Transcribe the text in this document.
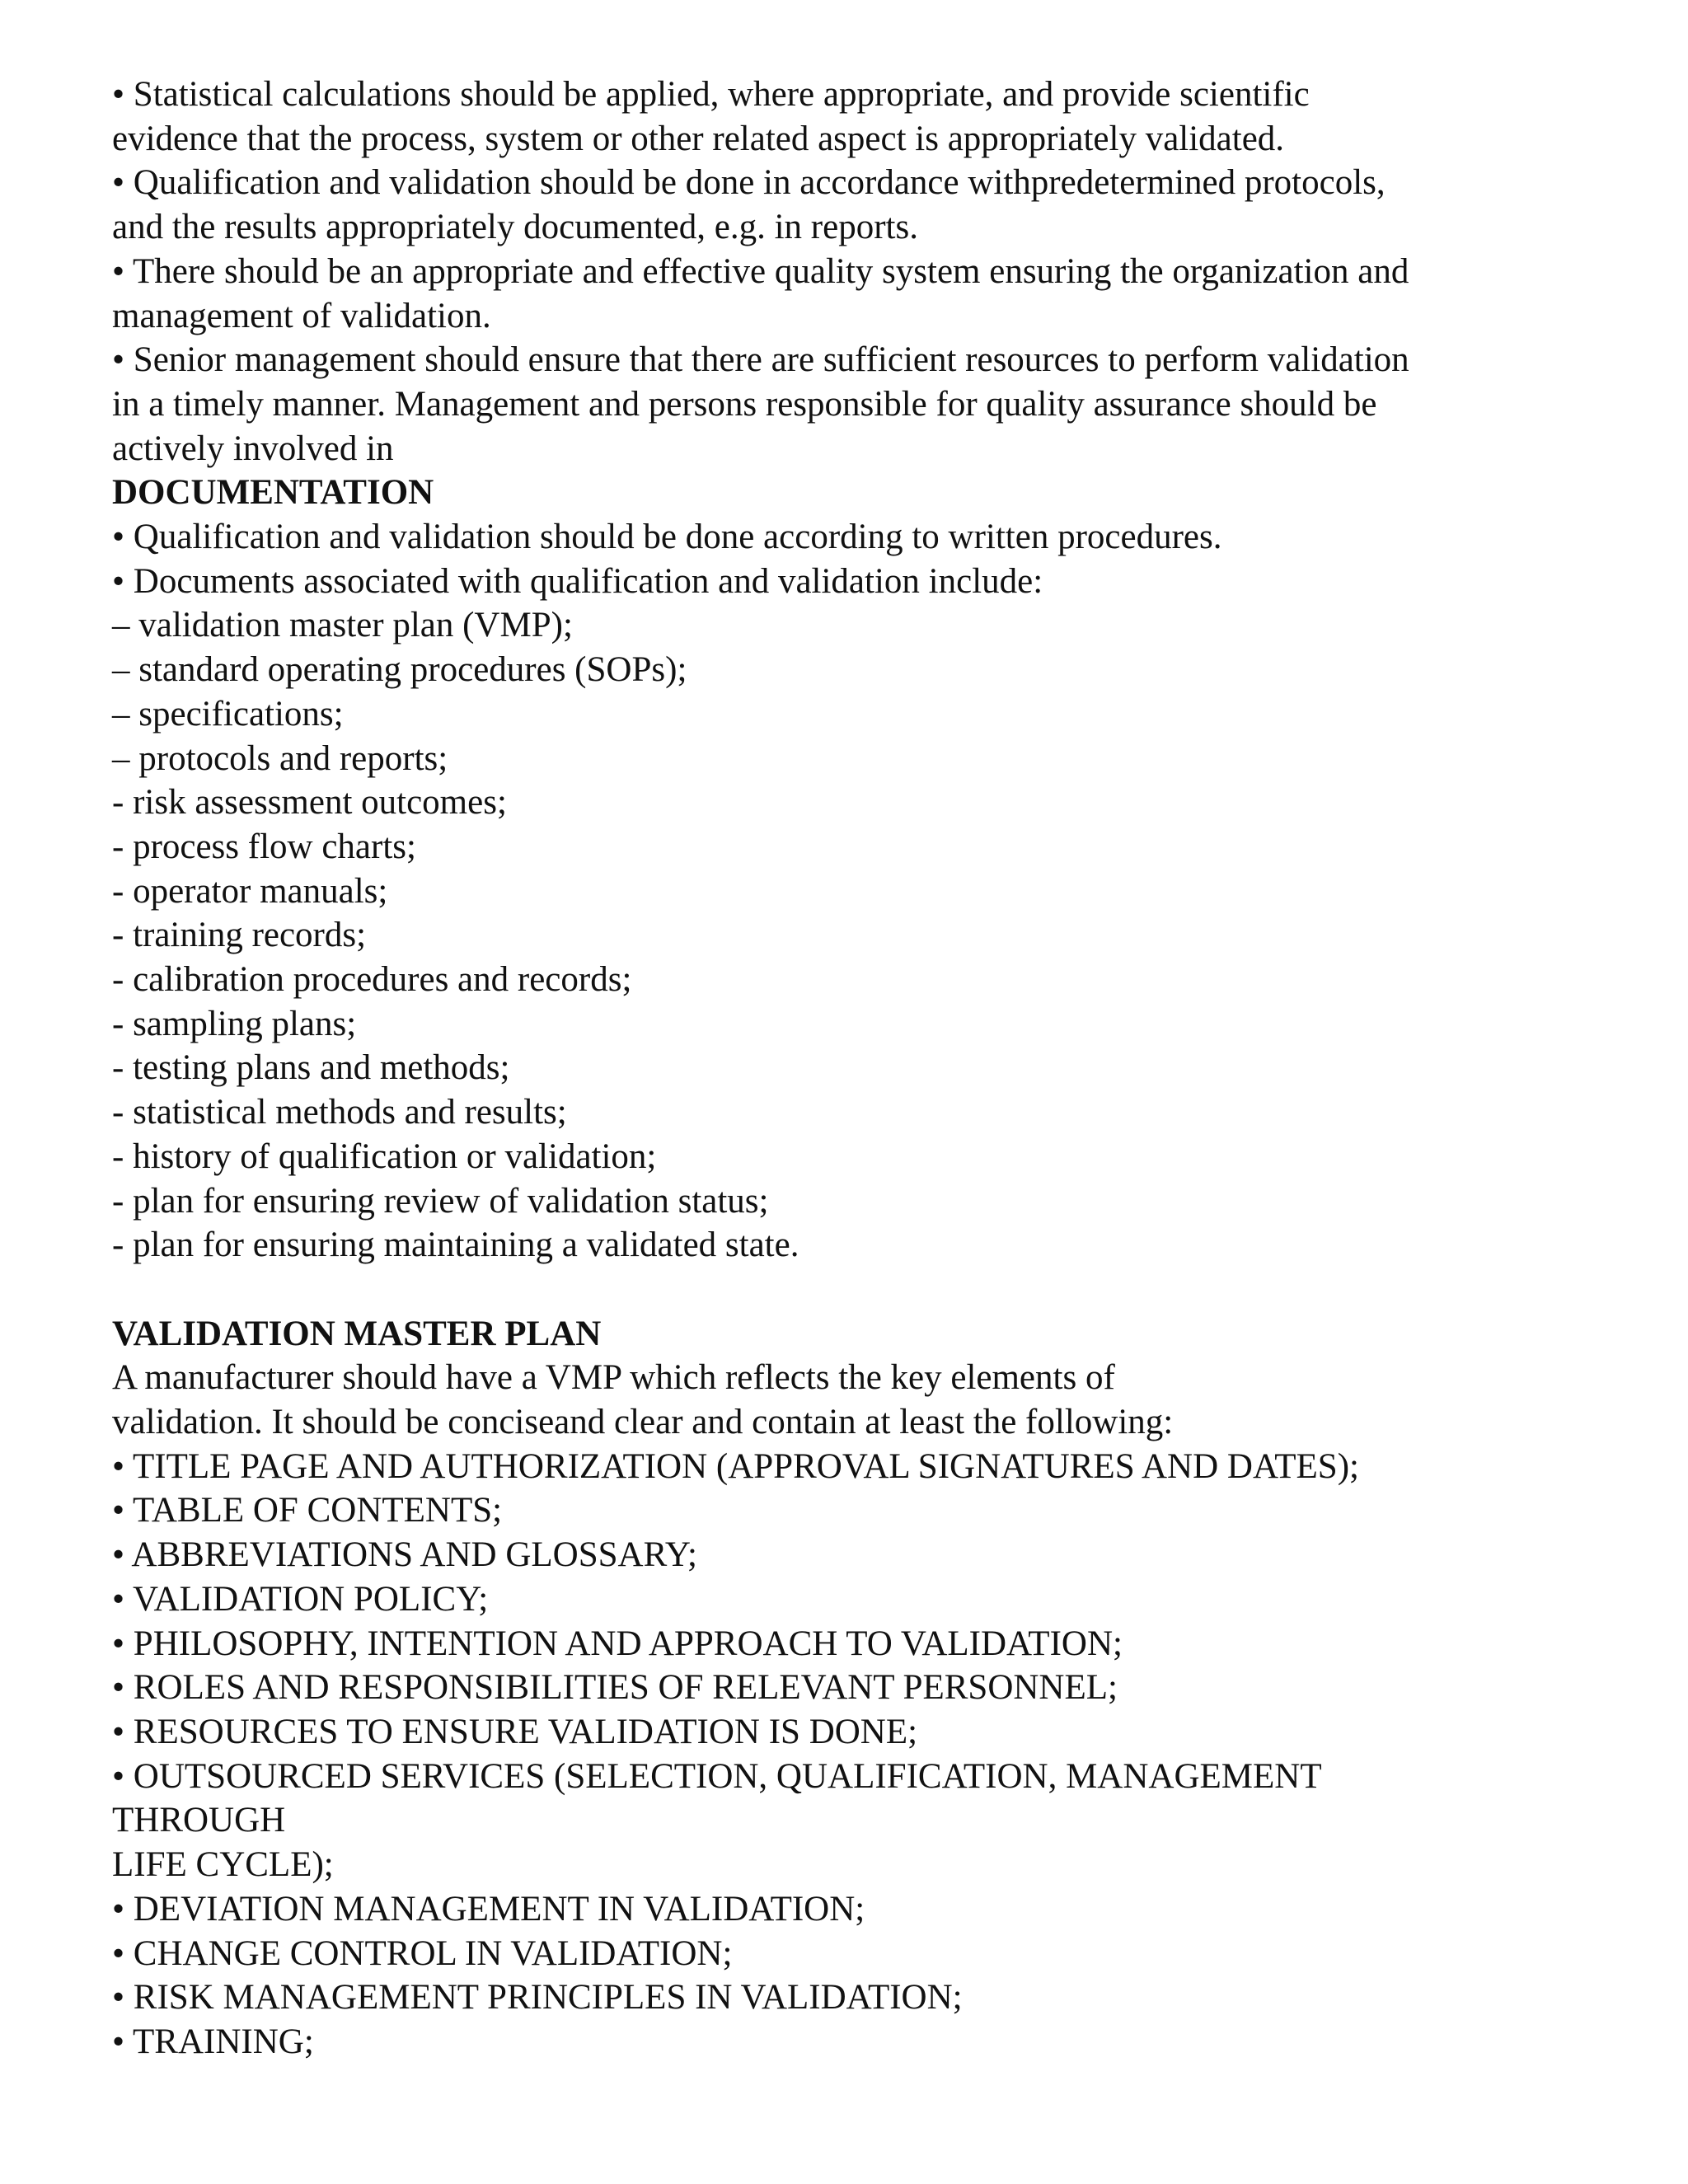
• Statistical calculations should be applied, where appropriate, and provide scientific
evidence that the process, system or other related aspect is appropriately validated.
• Qualification and validation should be done in accordance withpredetermined protocols,
and the results appropriately documented, e.g. in reports.
• There should be an appropriate and effective quality system ensuring the organization and
management of validation.
• Senior management should ensure that there are sufficient resources to perform validation
in a timely manner. Management and persons responsible for quality assurance should be
actively involved in
DOCUMENTATION
• Qualification and validation should be done according to written procedures.
• Documents associated with qualification and validation include:
– validation master plan (VMP);
– standard operating procedures (SOPs);
– specifications;
– protocols and reports;
- risk assessment outcomes;
- process flow charts;
- operator manuals;
- training records;
- calibration procedures and records;
- sampling plans;
- testing plans and methods;
- statistical methods and results;
- history of qualification or validation;
- plan for ensuring review of validation status;
- plan for ensuring maintaining a validated state.
VALIDATION MASTER PLAN
A manufacturer should have a VMP which reflects the key elements of
validation. It should be conciseand clear and contain at least the following:
• TITLE PAGE AND AUTHORIZATION (APPROVAL SIGNATURES AND DATES);
• TABLE OF CONTENTS;
• ABBREVIATIONS AND GLOSSARY;
• VALIDATION POLICY;
• PHILOSOPHY, INTENTION AND APPROACH TO VALIDATION;
• ROLES AND RESPONSIBILITIES OF RELEVANT PERSONNEL;
• RESOURCES TO ENSURE VALIDATION IS DONE;
• OUTSOURCED SERVICES (SELECTION, QUALIFICATION, MANAGEMENT
THROUGH
LIFE CYCLE);
• DEVIATION MANAGEMENT IN VALIDATION;
• CHANGE CONTROL IN VALIDATION;
• RISK MANAGEMENT PRINCIPLES IN VALIDATION;
• TRAINING;
